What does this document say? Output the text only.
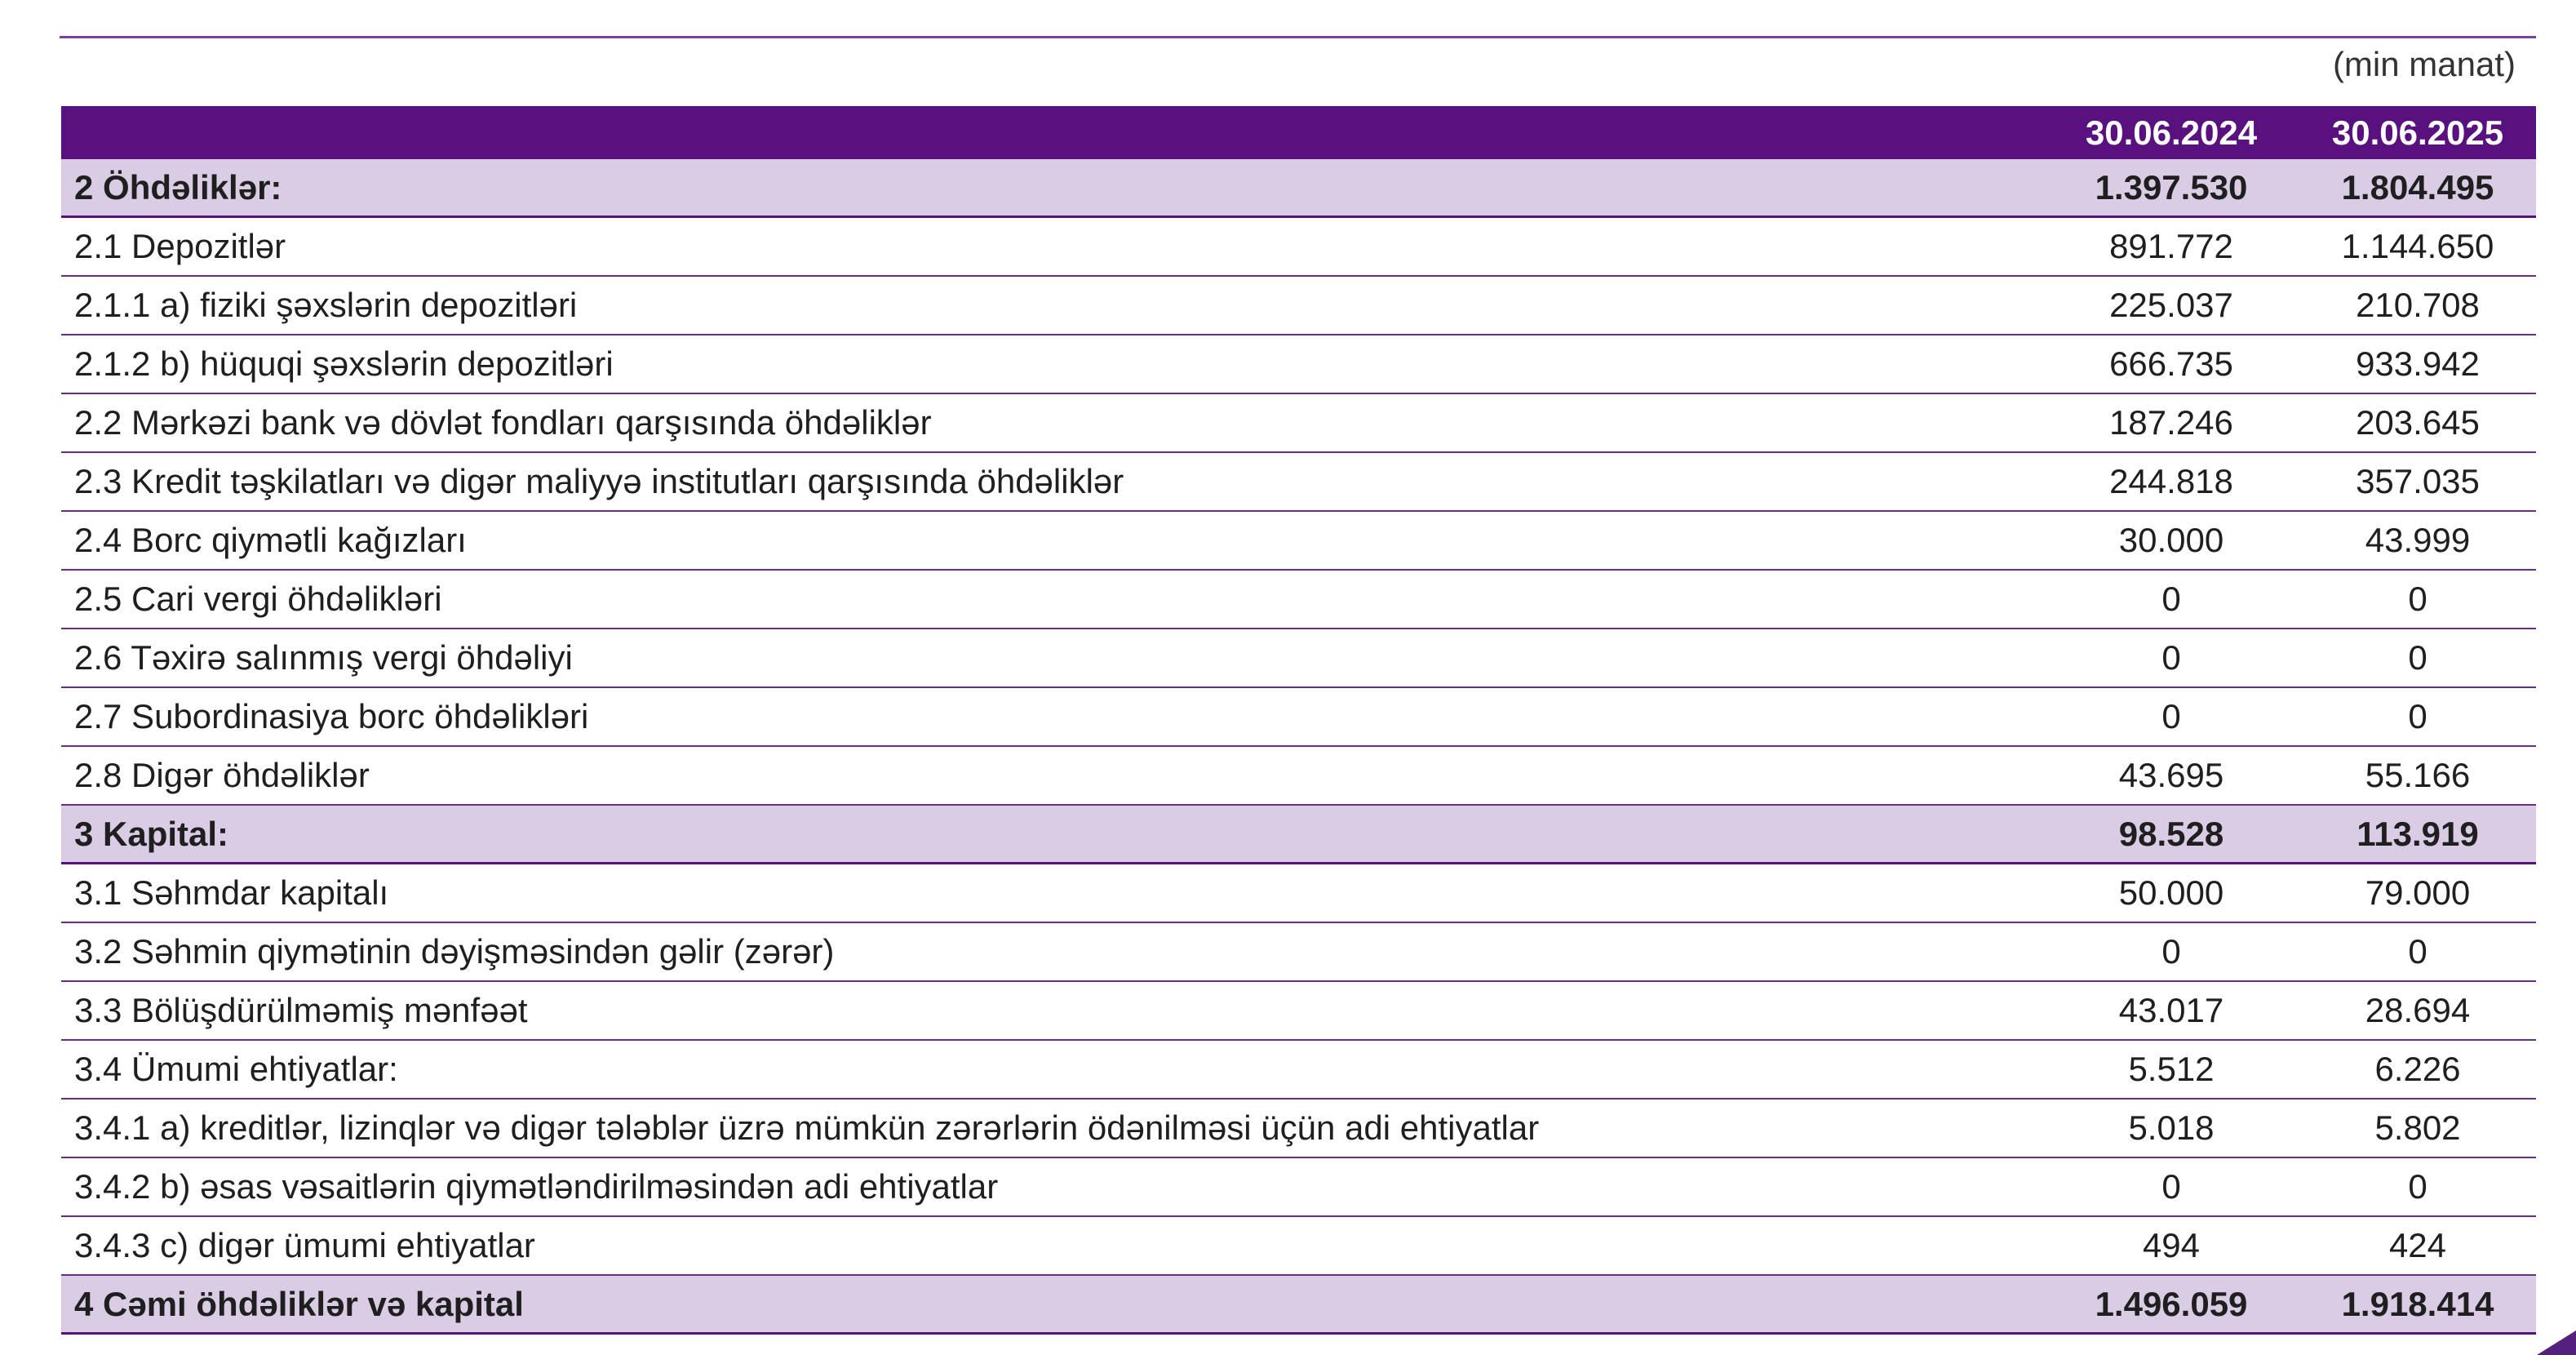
(min manat)
30.06.2024	30.06.2025
2 Öhdəliklər:	1.397.530	1.804.495
2.1 Depozitlər	891.772	1.144.650
2.1.1 a) fiziki şəxslərin depozitləri	225.037	210.708
2.1.2 b) hüquqi şəxslərin depozitləri	666.735	933.942
2.2 Mərkəzi bank və dövlət fondları qarşısında öhdəliklər	187.246	203.645
2.3 Kredit təşkilatları və digər maliyyə institutları qarşısında öhdəliklər	244.818	357.035
2.4 Borc qiymətli kağızları	30.000	43.999
2.5 Cari vergi öhdəlikləri	0	0
2.6 Təxirə salınmış vergi öhdəliyi	0	0
2.7 Subordinasiya borc öhdəlikləri	0	0
2.8 Digər öhdəliklər	43.695	55.166
3 Kapital:	98.528	113.919
3.1 Səhmdar kapitalı	50.000	79.000
3.2 Səhmin qiymətinin dəyişməsindən gəlir (zərər)	0	0
3.3 Bölüşdürülməmiş mənfəət	43.017	28.694
3.4 Ümumi ehtiyatlar:	5.512	6.226
3.4.1 a) kreditlər, lizinqlər və digər tələblər üzrə mümkün zərərlərin ödənilməsi üçün adi ehtiyatlar	5.018	5.802
3.4.2 b) əsas vəsaitlərin qiymətləndirilməsindən adi ehtiyatlar	0	0
3.4.3 c) digər ümumi ehtiyatlar	494	424
4 Cəmi öhdəliklər və kapital	1.496.059	1.918.414
